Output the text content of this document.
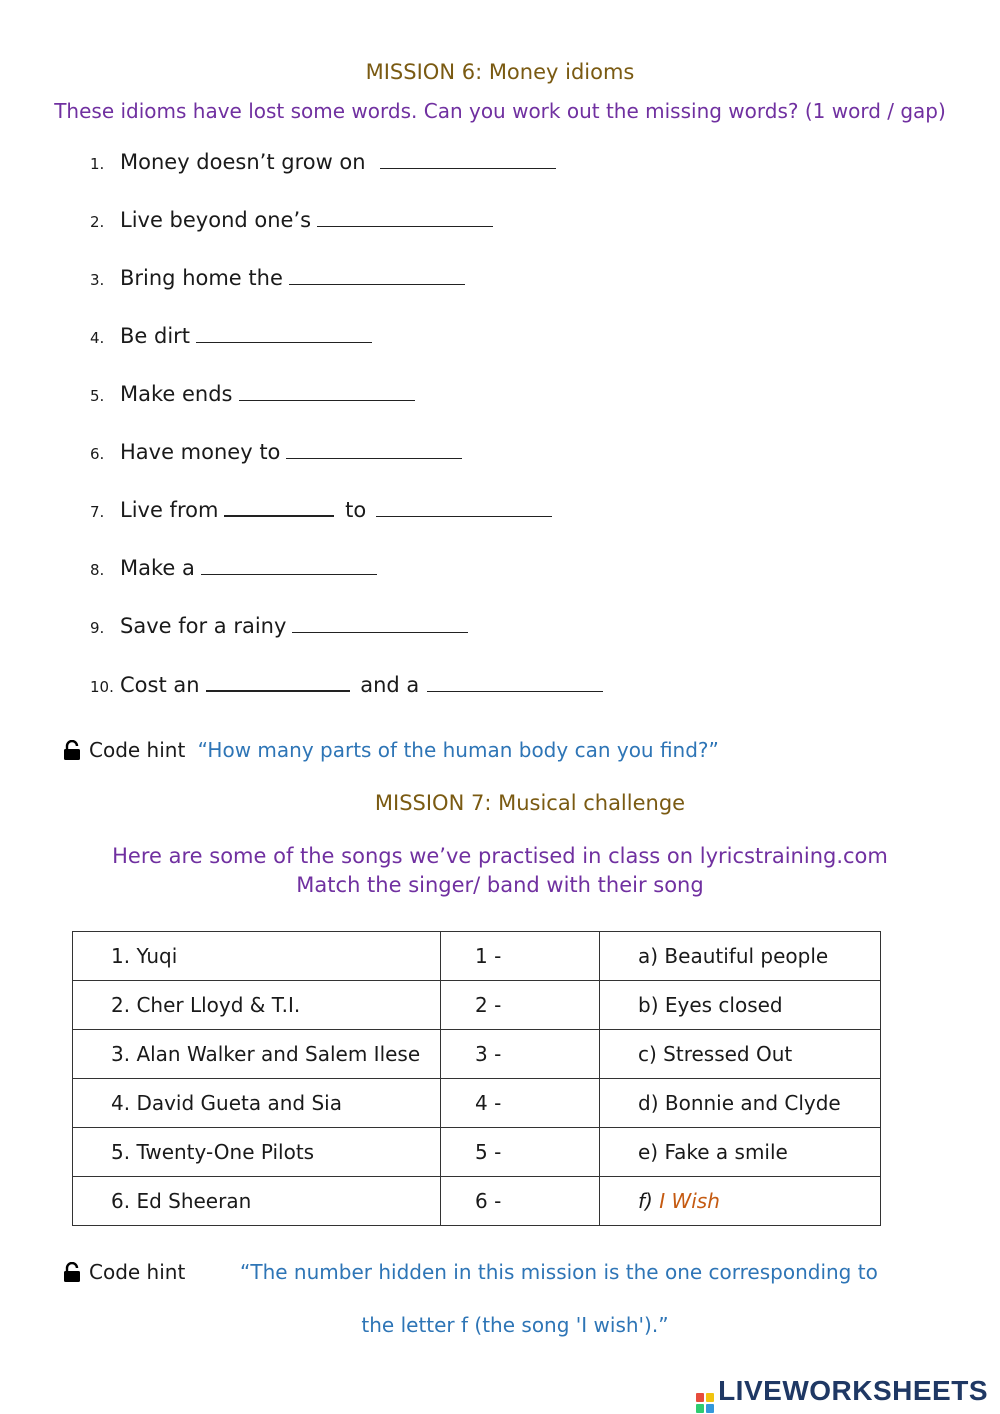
MISSION 6: Money idioms
These idioms have lost some words. Can you work out the missing words? (1 word / gap)
1. Money doesn’t grow on
2. Live beyond one’s
3. Bring home the
4. Be dirt
5. Make ends
6. Have money to
7. Live from	to
8. Make a
9. Save for a rainy
10. Cost an	and a
Code hint “How many parts of the human body can you find?”
MISSION 7: Musical challenge
Here are some of the songs we’ve practised in class on lyricstraining.com
Match the singer/ band with their song
1. Yuqi	1 -	a) Beautiful people
2. Cher Lloyd & T.I.	2 -	b) Eyes closed
3. Alan Walker and Salem Ilese	3 -	c) Stressed Out
4. David Gueta and Sia	4 -	d) Bonnie and Clyde
5. Twenty-One Pilots	5 -	e) Fake a smile
6. Ed Sheeran	6 -	f) I Wish
Code hint	“The number hidden in this mission is the one corresponding to
the letter f (the song 'I wish').”
LIVEWORKSHEETS
